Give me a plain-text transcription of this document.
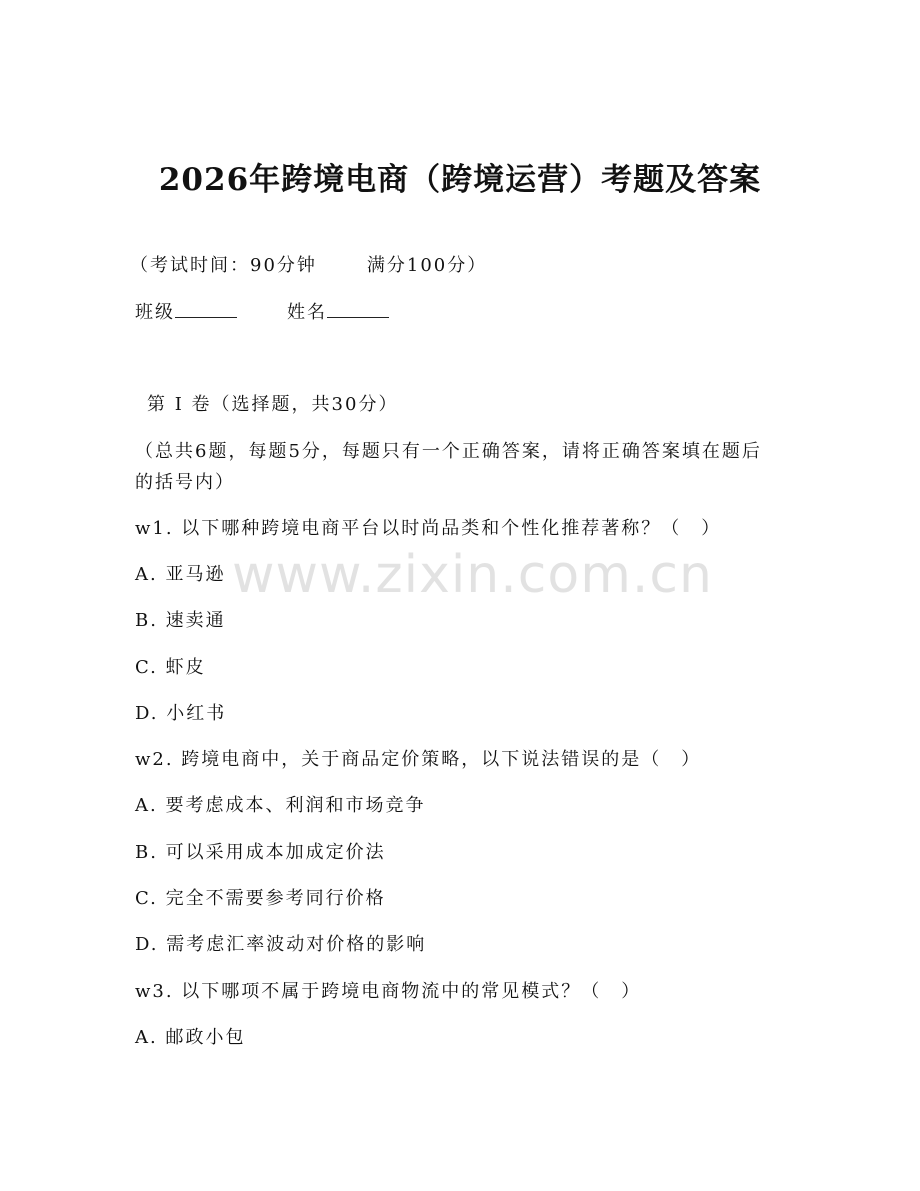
2026年跨境电商（跨境运营）考题及答案
（考试时间：90分钟	满分100分）
班级	姓名
第 I 卷（选择题，共30分）
（总共6题，每题5分，每题只有一个正确答案，请将正确答案填在题后的括号内）
w1. 以下哪种跨境电商平台以时尚品类和个性化推荐著称？（　）
A. 亚马逊
B. 速卖通
C. 虾皮
D. 小红书
w2. 跨境电商中，关于商品定价策略，以下说法错误的是（　）
A. 要考虑成本、利润和市场竞争
B. 可以采用成本加成定价法
C. 完全不需要参考同行价格
D. 需考虑汇率波动对价格的影响
w3. 以下哪项不属于跨境电商物流中的常见模式？（　）
A. 邮政小包
www.zixin.com.cn
